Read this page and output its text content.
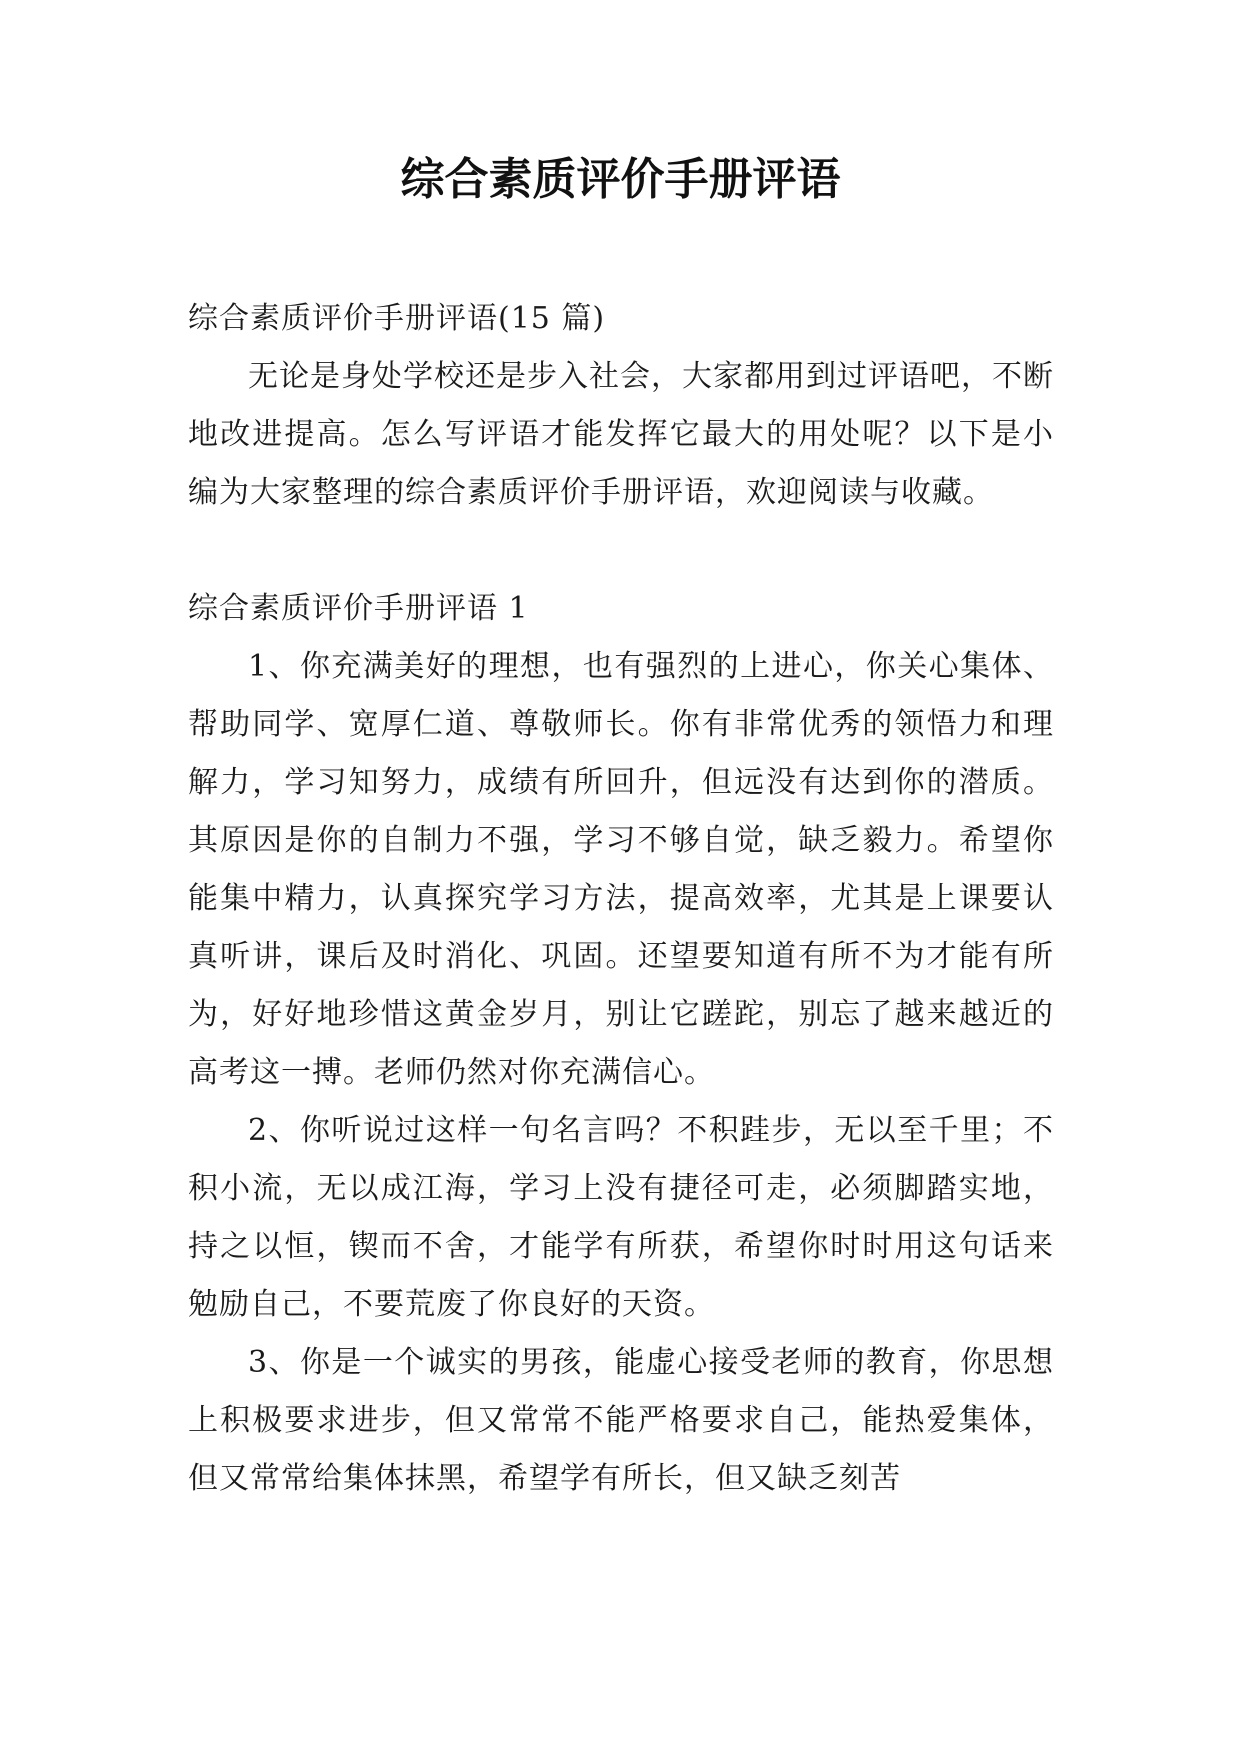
综合素质评价手册评语

综合素质评价手册评语(15 篇)

无论是身处学校还是步入社会，大家都用到过评语吧，不断地改进提高。怎么写评语才能发挥它最大的用处呢？以下是小编为大家整理的综合素质评价手册评语，欢迎阅读与收藏。

综合素质评价手册评语 1

1、你充满美好的理想，也有强烈的上进心，你关心集体、帮助同学、宽厚仁道、尊敬师长。你有非常优秀的领悟力和理解力，学习知努力，成绩有所回升，但远没有达到你的潜质。其原因是你的自制力不强，学习不够自觉，缺乏毅力。希望你能集中精力，认真探究学习方法，提高效率，尤其是上课要认真听讲，课后及时消化、巩固。还望要知道有所不为才能有所为，好好地珍惜这黄金岁月，别让它蹉跎，别忘了越来越近的高考这一搏。老师仍然对你充满信心。

2、你听说过这样一句名言吗？不积跬步，无以至千里；不积小流，无以成江海，学习上没有捷径可走，必须脚踏实地，持之以恒，锲而不舍，才能学有所获，希望你时时用这句话来勉励自己，不要荒废了你良好的天资。

3、你是一个诚实的男孩，能虚心接受老师的教育，你思想上积极要求进步，但又常常不能严格要求自己，能热爱集体，但又常常给集体抹黑，希望学有所长，但又缺乏刻苦
